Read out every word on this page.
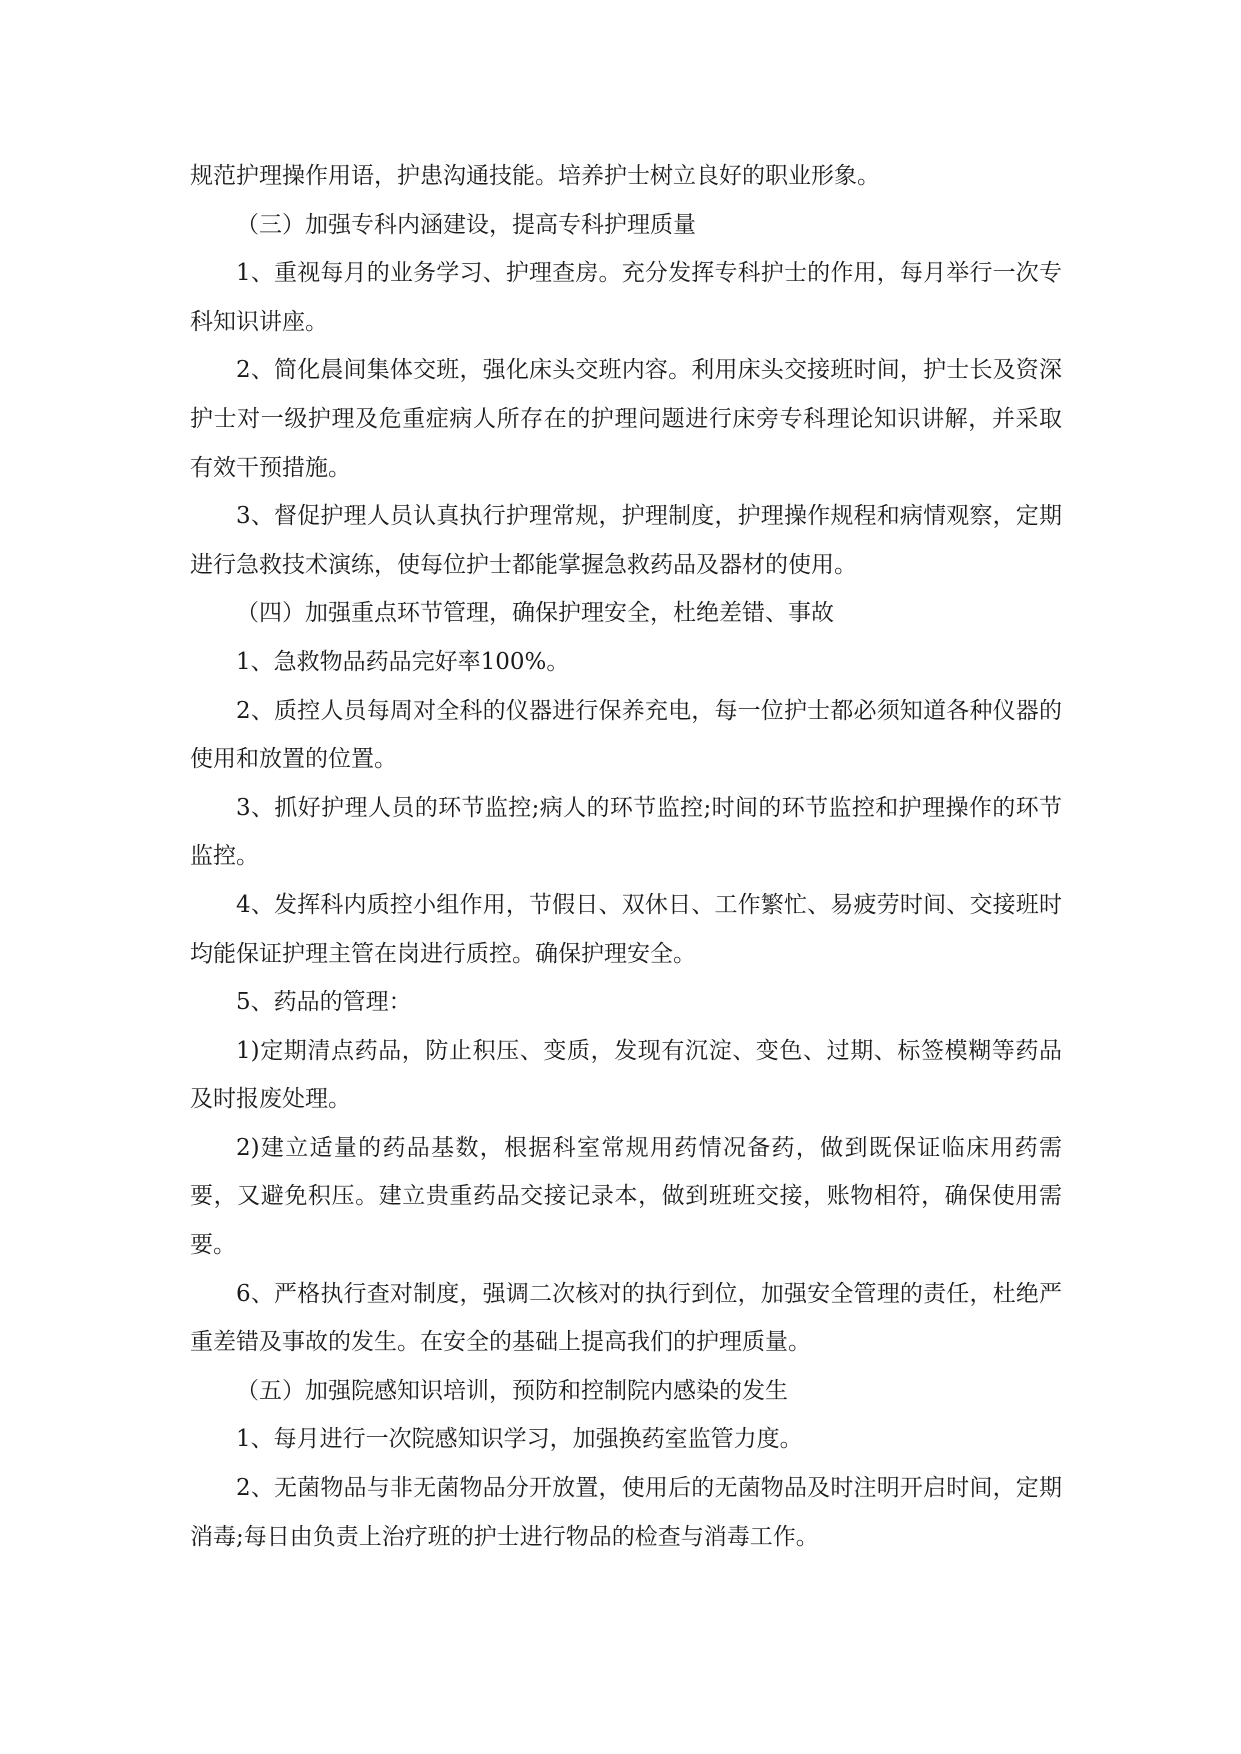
规范护理操作用语，护患沟通技能。培养护士树立良好的职业形象。

（三）加强专科内涵建设，提高专科护理质量

1、重视每月的业务学习、护理查房。充分发挥专科护士的作用，每月举行一次专科知识讲座。

2、简化晨间集体交班，强化床头交班内容。利用床头交接班时间，护士长及资深护士对一级护理及危重症病人所存在的护理问题进行床旁专科理论知识讲解，并采取有效干预措施。

3、督促护理人员认真执行护理常规，护理制度，护理操作规程和病情观察，定期进行急救技术演练，使每位护士都能掌握急救药品及器材的使用。

（四）加强重点环节管理，确保护理安全，杜绝差错、事故

1、急救物品药品完好率100%。

2、质控人员每周对全科的仪器进行保养充电，每一位护士都必须知道各种仪器的使用和放置的位置。

3、抓好护理人员的环节监控;病人的环节监控;时间的环节监控和护理操作的环节监控。

4、发挥科内质控小组作用，节假日、双休日、工作繁忙、易疲劳时间、交接班时均能保证护理主管在岗进行质控。确保护理安全。

5、药品的管理：

1)定期清点药品，防止积压、变质，发现有沉淀、变色、过期、标签模糊等药品及时报废处理。

2)建立适量的药品基数，根据科室常规用药情况备药，做到既保证临床用药需要，又避免积压。建立贵重药品交接记录本，做到班班交接，账物相符，确保使用需要。

6、严格执行查对制度，强调二次核对的执行到位，加强安全管理的责任，杜绝严重差错及事故的发生。在安全的基础上提高我们的护理质量。

（五）加强院感知识培训，预防和控制院内感染的发生

1、每月进行一次院感知识学习，加强换药室监管力度。

2、无菌物品与非无菌物品分开放置，使用后的无菌物品及时注明开启时间，定期消毒;每日由负责上治疗班的护士进行物品的检查与消毒工作。
